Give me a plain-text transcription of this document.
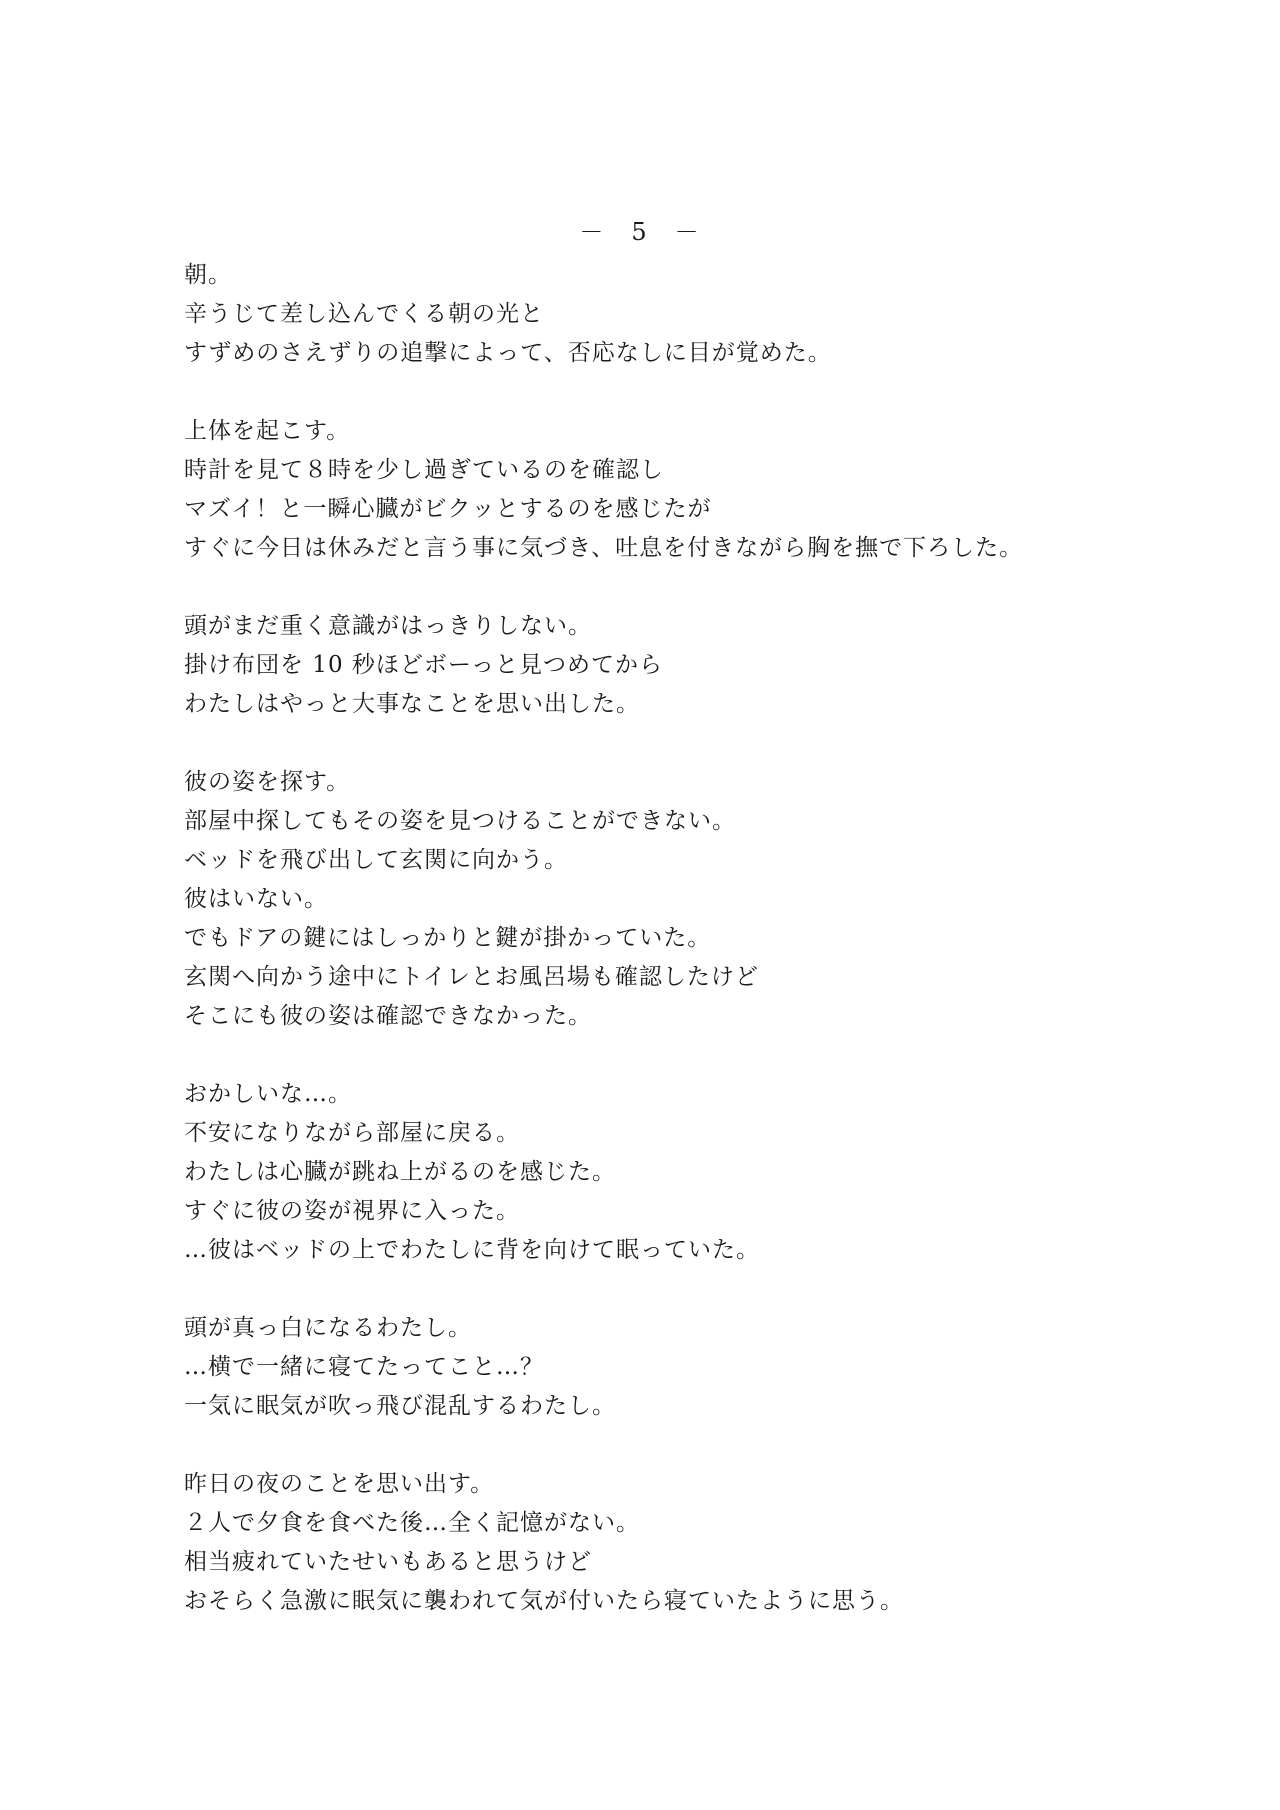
－　5　－
朝。
辛うじて差し込んでくる朝の光と
すずめのさえずりの追撃によって、否応なしに目が覚めた。
上体を起こす。
時計を見て８時を少し過ぎているのを確認し
マズイ！と一瞬心臓がビクッとするのを感じたが
すぐに今日は休みだと言う事に気づき、吐息を付きながら胸を撫で下ろした。
頭がまだ重く意識がはっきりしない。
掛け布団を 10 秒ほどボーっと見つめてから
わたしはやっと大事なことを思い出した。
彼の姿を探す。
部屋中探してもその姿を見つけることができない。
ベッドを飛び出して玄関に向かう。
彼はいない。
でもドアの鍵にはしっかりと鍵が掛かっていた。
玄関へ向かう途中にトイレとお風呂場も確認したけど
そこにも彼の姿は確認できなかった。
おかしいな…。
不安になりながら部屋に戻る。
わたしは心臓が跳ね上がるのを感じた。
すぐに彼の姿が視界に入った。
…彼はベッドの上でわたしに背を向けて眠っていた。
頭が真っ白になるわたし。
…横で一緒に寝てたってこと…？
一気に眠気が吹っ飛び混乱するわたし。
昨日の夜のことを思い出す。
２人で夕食を食べた後…全く記憶がない。
相当疲れていたせいもあると思うけど
おそらく急激に眠気に襲われて気が付いたら寝ていたように思う。
